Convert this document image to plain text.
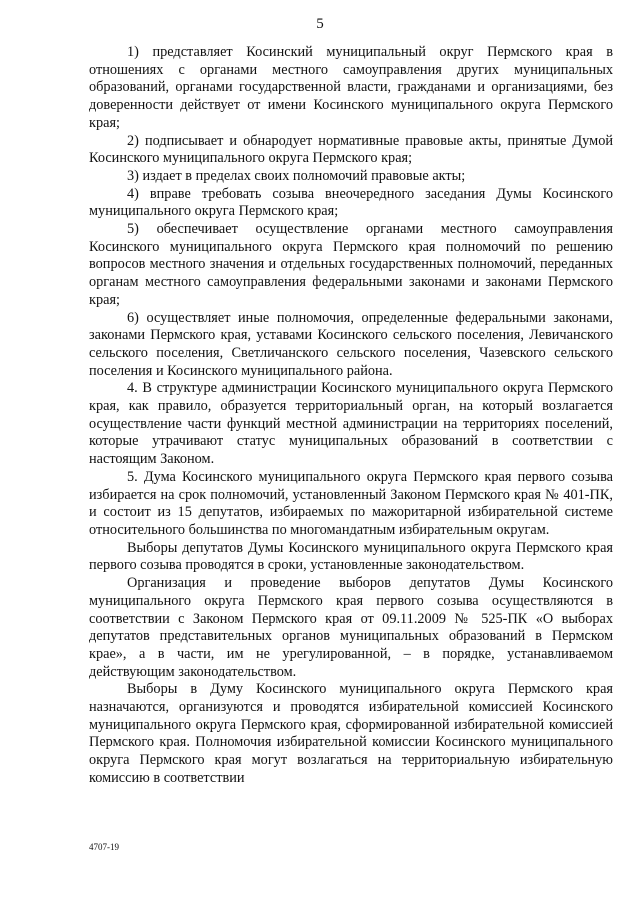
5

1) представляет Косинский муниципальный округ Пермского края в отношениях с органами местного самоуправления других муниципальных образований, органами государственной власти, гражданами и организациями, без доверенности действует от имени Косинского муниципального округа Пермского края;

2) подписывает и обнародует нормативные правовые акты, принятые Думой Косинского муниципального округа Пермского края;

3) издает в пределах своих полномочий правовые акты;

4) вправе требовать созыва внеочередного заседания Думы Косинского муниципального округа Пермского края;

5) обеспечивает осуществление органами местного самоуправления Косинского муниципального округа Пермского края полномочий по решению вопросов местного значения и отдельных государственных полномочий, переданных органам местного самоуправления федеральными законами и законами Пермского края;

6) осуществляет иные полномочия, определенные федеральными законами, законами Пермского края, уставами Косинского сельского поселения, Левичанского сельского поселения, Светличанского сельского поселения, Чазевского сельского поселения и Косинского муниципального района.

4. В структуре администрации Косинского муниципального округа Пермского края, как правило, образуется территориальный орган, на который возлагается осуществление части функций местной администрации на территориях поселений, которые утрачивают статус муниципальных образований в соответствии с настоящим Законом.

5. Дума Косинского муниципального округа Пермского края первого созыва избирается на срок полномочий, установленный Законом Пермского края № 401-ПК, и состоит из 15 депутатов, избираемых по мажоритарной избирательной системе относительного большинства по многомандатным избирательным округам.

Выборы депутатов Думы Косинского муниципального округа Пермского края первого созыва проводятся в сроки, установленные законодательством.

Организация и проведение выборов депутатов Думы Косинского муниципального округа Пермского края первого созыва осуществляются в соответствии с Законом Пермского края от 09.11.2009 № 525-ПК «О выборах депутатов представительных органов муниципальных образований в Пермском крае», а в части, им не урегулированной, – в порядке, устанавливаемом действующим законодательством.

Выборы в Думу Косинского муниципального округа Пермского края назначаются, организуются и проводятся избирательной комиссией Косинского муниципального округа Пермского края, сформированной избирательной комиссией Пермского края. Полномочия избирательной комиссии Косинского муниципального округа Пермского края могут возлагаться на территориальную избирательную комиссию в соответствии

4707-19
